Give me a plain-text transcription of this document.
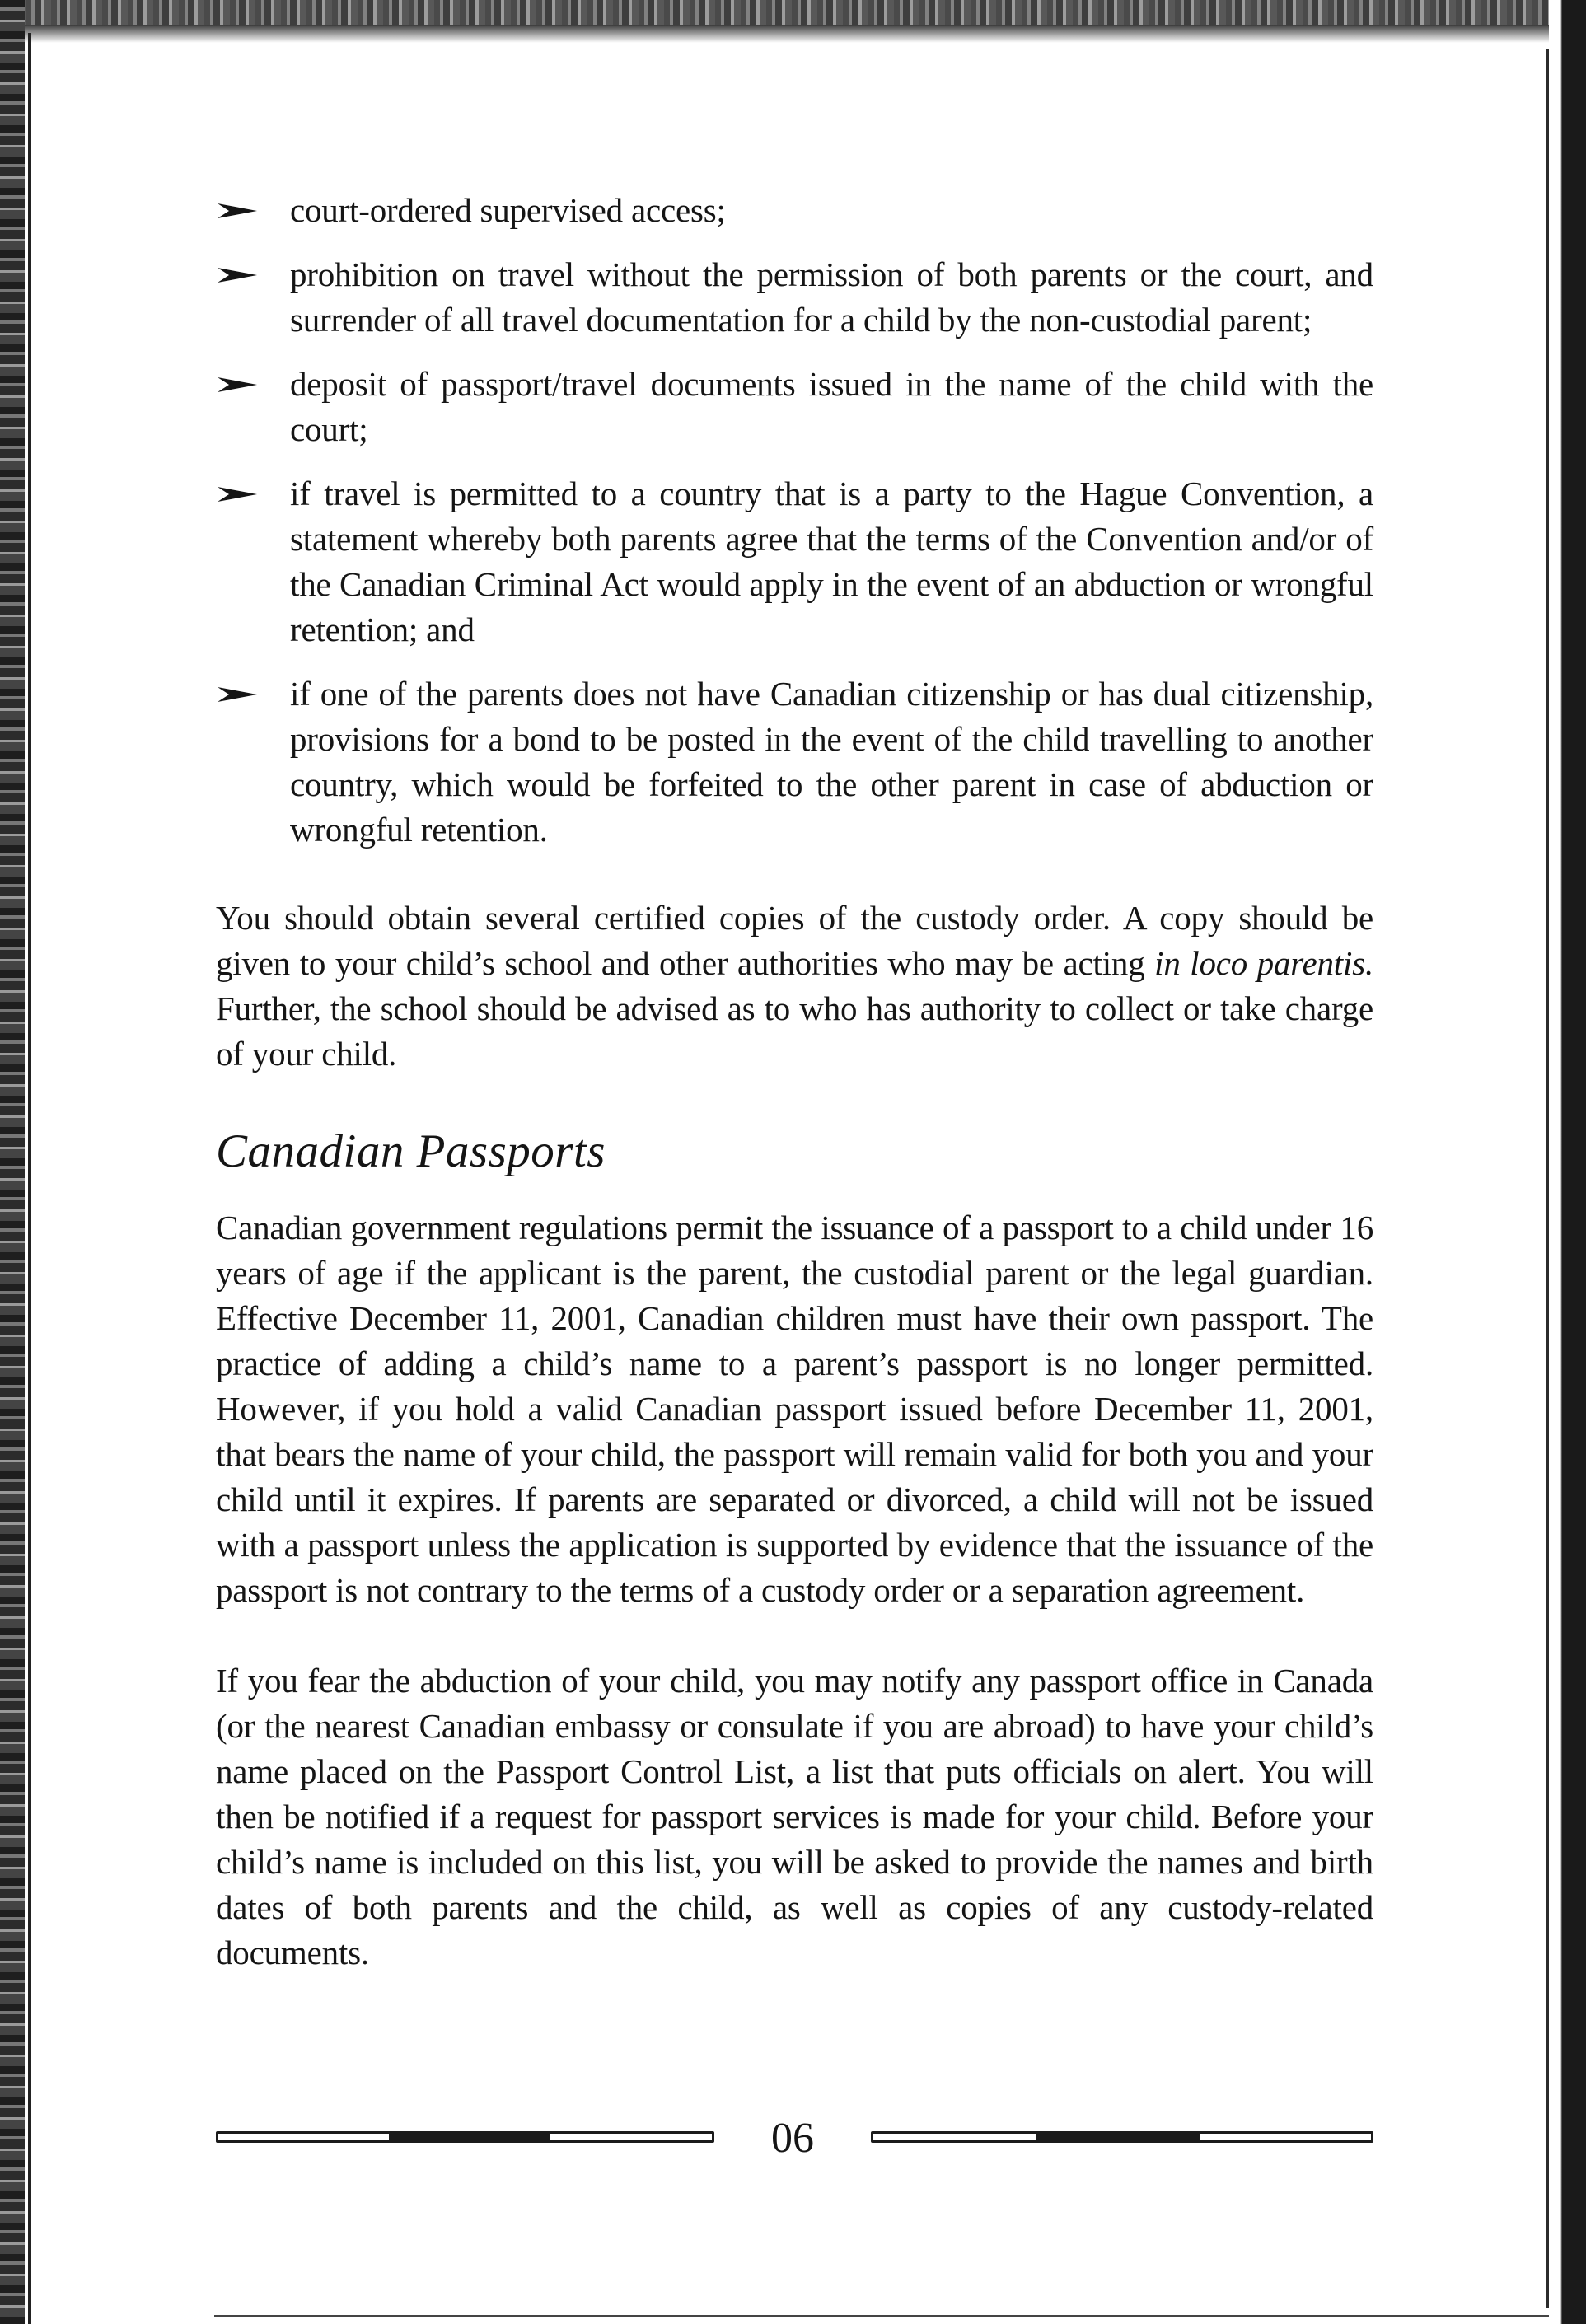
court-ordered supervised access;
prohibition on travel without the permission of both parents or the court, and surrender of all travel documentation for a child by the non-custodial parent;
deposit of passport/travel documents issued in the name of the child with the court;
if travel is permitted to a country that is a party to the Hague Convention, a statement whereby both parents agree that the terms of the Convention and/or of the Canadian Criminal Act would apply in the event of an abduction or wrongful retention; and
if one of the parents does not have Canadian citizenship or has dual citizenship, provisions for a bond to be posted in the event of the child travelling to another country, which would be forfeited to the other parent in case of abduction or wrongful retention.

You should obtain several certified copies of the custody order. A copy should be given to your child’s school and other authorities who may be acting in loco parentis. Further, the school should be advised as to who has authority to collect or take charge of your child.

Canadian Passports

Canadian government regulations permit the issuance of a passport to a child under 16 years of age if the applicant is the parent, the custodial parent or the legal guardian. Effective December 11, 2001, Canadian children must have their own passport. The practice of adding a child’s name to a parent’s passport is no longer permitted. However, if you hold a valid Canadian passport issued before December 11, 2001, that bears the name of your child, the passport will remain valid for both you and your child until it expires. If parents are separated or divorced, a child will not be issued with a passport unless the application is supported by evidence that the issuance of the passport is not contrary to the terms of a custody order or a separation agreement.

If you fear the abduction of your child, you may notify any passport office in Canada (or the nearest Canadian embassy or consulate if you are abroad) to have your child’s name placed on the Passport Control List, a list that puts officials on alert. You will then be notified if a request for passport services is made for your child. Before your child’s name is included on this list, you will be asked to provide the names and birth dates of both parents and the child, as well as copies of any custody-related documents.

06
